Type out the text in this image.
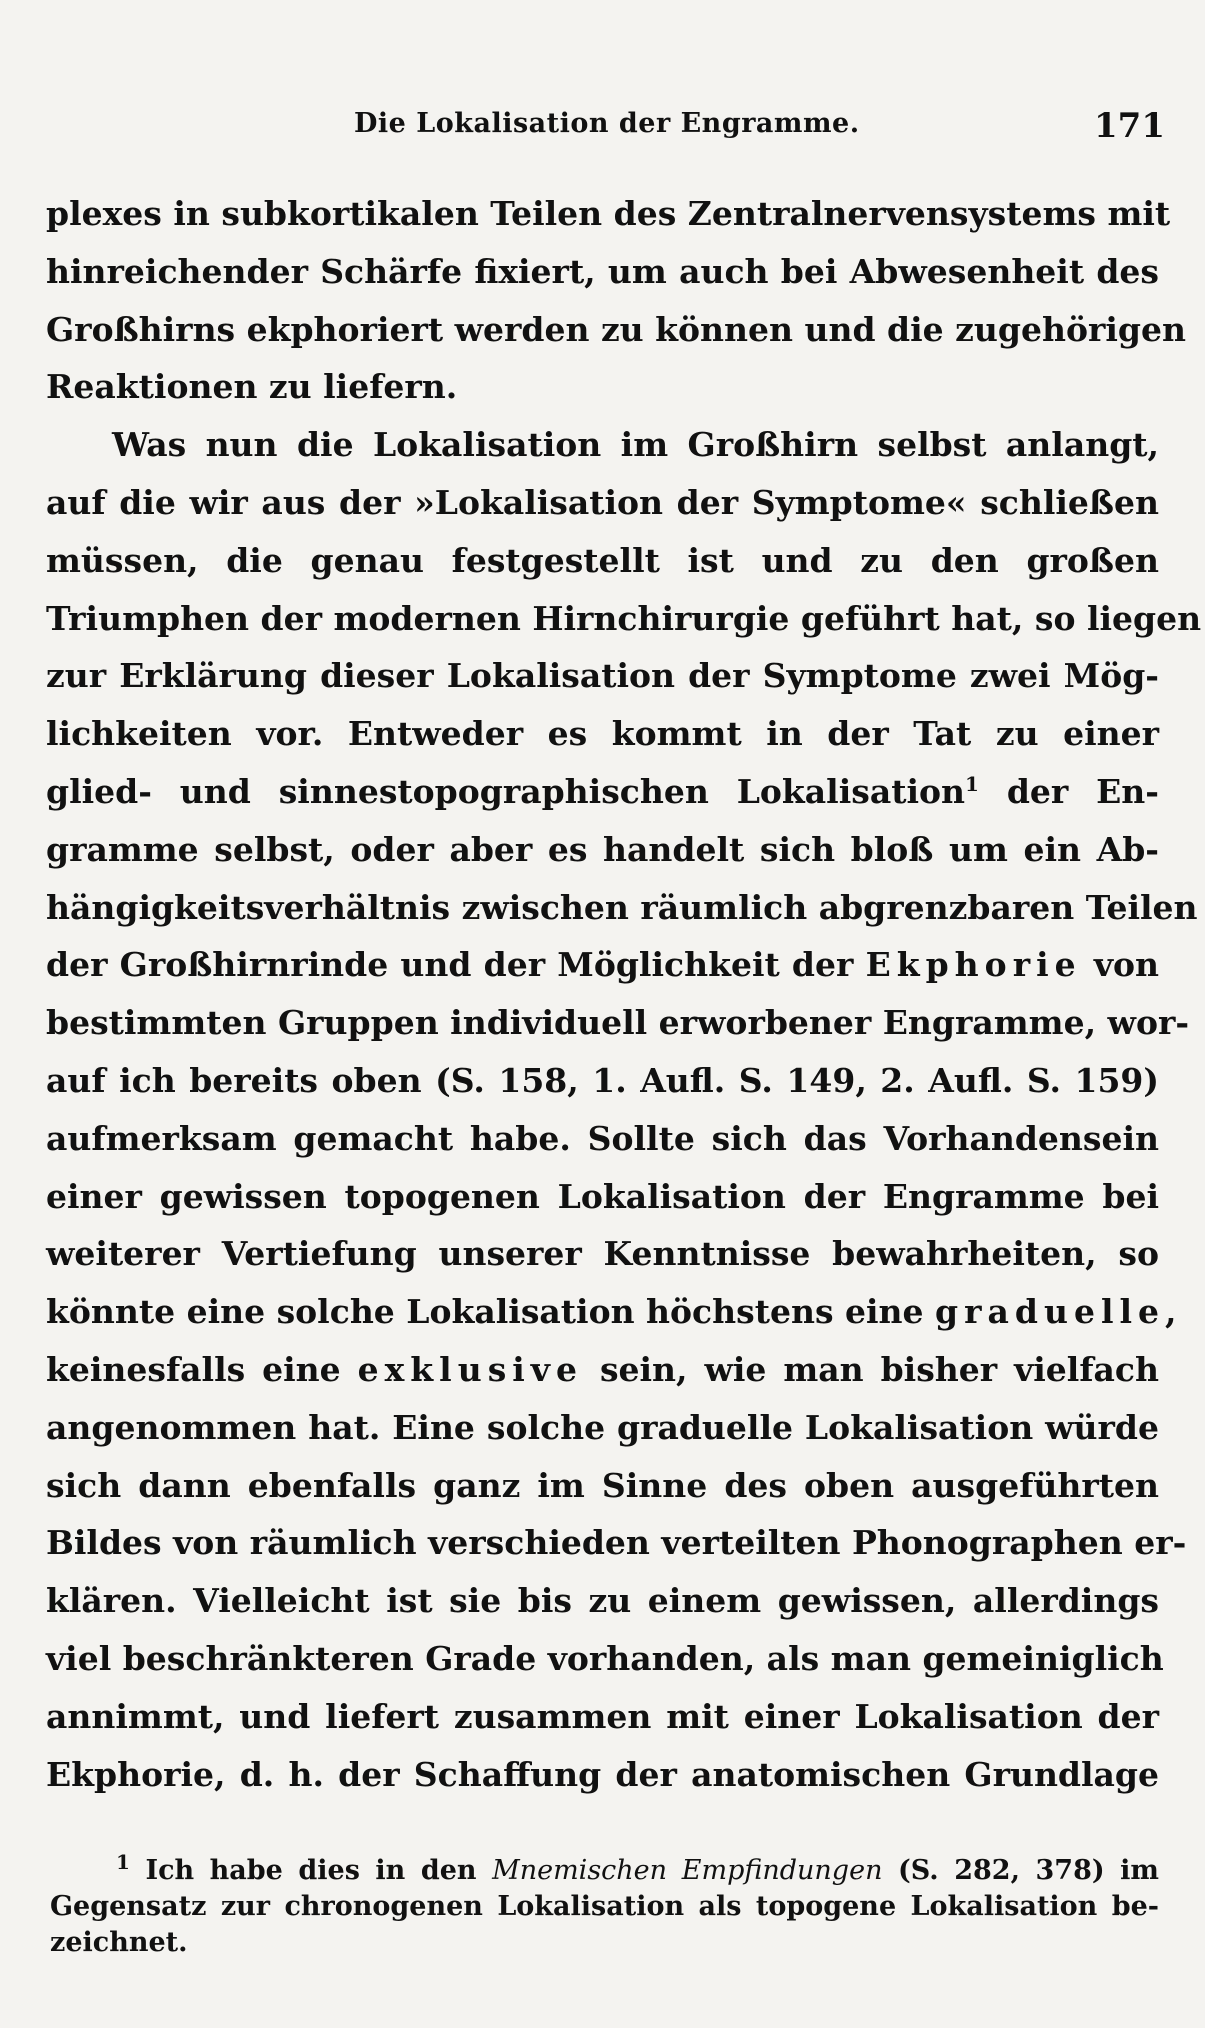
Die Lokalisation der Engramme.	171
plexes in subkortikalen Teilen des Zentralnervensystems mit
hinreichender Schärfe fixiert, um auch bei Abwesenheit des
Großhirns ekphoriert werden zu können und die zugehörigen
Reaktionen zu liefern.
Was nun die Lokalisation im Großhirn selbst anlangt,
auf die wir aus der »Lokalisation der Symptome« schließen
müssen, die genau festgestellt ist und zu den großen
Triumphen der modernen Hirnchirurgie geführt hat, so liegen
zur Erklärung dieser Lokalisation der Symptome zwei Mög-
lichkeiten vor. Entweder es kommt in der Tat zu einer
glied- und sinnestopographischen Lokalisation$^1$ der En-
gramme selbst, oder aber es handelt sich bloß um ein Ab-
hängigkeitsverhältnis zwischen räumlich abgrenzbaren Teilen
der Großhirnrinde und der Möglichkeit der Ekphorie von
bestimmten Gruppen individuell erworbener Engramme, wor-
auf ich bereits oben (S. 158, 1. Aufl. S. 149, 2. Aufl. S. 159)
aufmerksam gemacht habe. Sollte sich das Vorhandensein
einer gewissen topogenen Lokalisation der Engramme bei
weiterer Vertiefung unserer Kenntnisse bewahrheiten, so
könnte eine solche Lokalisation höchstens eine graduelle,
keinesfalls eine exklusive sein, wie man bisher vielfach
angenommen hat. Eine solche graduelle Lokalisation würde
sich dann ebenfalls ganz im Sinne des oben ausgeführten
Bildes von räumlich verschieden verteilten Phonographen er-
klären. Vielleicht ist sie bis zu einem gewissen, allerdings
viel beschränkteren Grade vorhanden, als man gemeiniglich
annimmt, und liefert zusammen mit einer Lokalisation der
Ekphorie, d. h. der Schaffung der anatomischen Grundlage
$^1$ Ich habe dies in den Mnemischen Empfindungen (S. 282, 378) im
Gegensatz zur chronogenen Lokalisation als topogene Lokalisation be-
zeichnet.
